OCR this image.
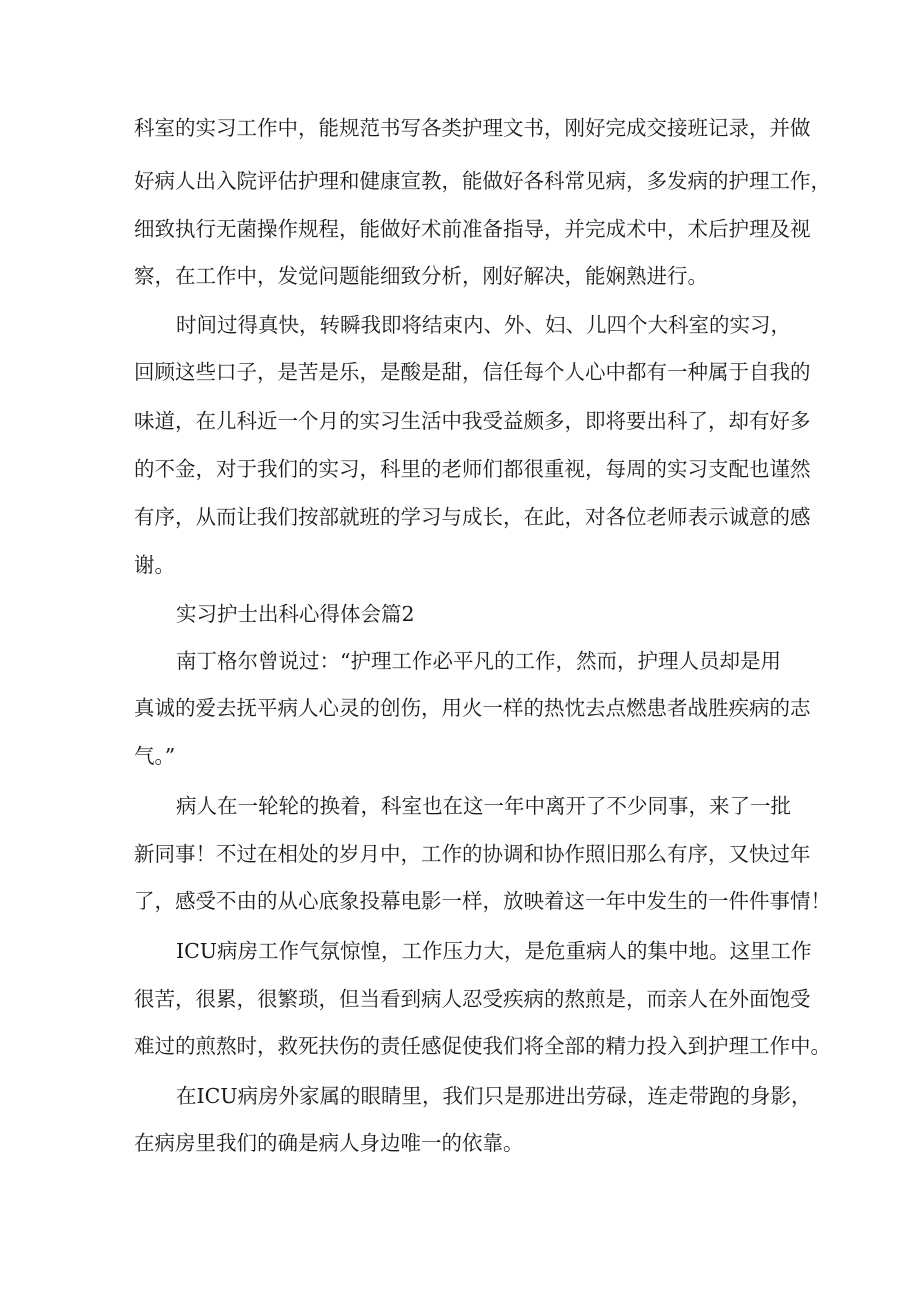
科室的实习工作中，能规范书写各类护理文书，刚好完成交接班记录，并做

好病人出入院评估护理和健康宣教，能做好各科常见病，多发病的护理工作，

细致执行无菌操作规程，能做好术前准备指导，并完成术中，术后护理及视

察，在工作中，发觉问题能细致分析，刚好解决，能娴熟进行。

时间过得真快，转瞬我即将结束内、外、妇、儿四个大科室的实习，

回顾这些口子，是苦是乐，是酸是甜，信任每个人心中都有一种属于自我的

味道，在儿科近一个月的实习生活中我受益颇多，即将要出科了，却有好多

的不金，对于我们的实习，科里的老师们都很重视，每周的实习支配也谨然

有序，从而让我们按部就班的学习与成长，在此，对各位老师表示诚意的感

谢。

实习护士出科心得体会篇2

南丁格尔曾说过：“护理工作必平凡的工作，然而，护理人员却是用

真诚的爱去抚平病人心灵的创伤，用火一样的热忱去点燃患者战胜疾病的志

气。”

病人在一轮轮的换着，科室也在这一年中离开了不少同事，来了一批

新同事！不过在相处的岁月中，工作的协调和协作照旧那么有序，又快过年

了，感受不由的从心底象投幕电影一样，放映着这一年中发生的一件件事情！

ICU病房工作气氛惊惶，工作压力大，是危重病人的集中地。这里工作

很苦，很累，很繁琐，但当看到病人忍受疾病的熬煎是，而亲人在外面饱受

难过的煎熬时，救死扶伤的责任感促使我们将全部的精力投入到护理工作中。

在ICU病房外家属的眼睛里，我们只是那进出劳碌，连走带跑的身影，

在病房里我们的确是病人身边唯一的依靠。
